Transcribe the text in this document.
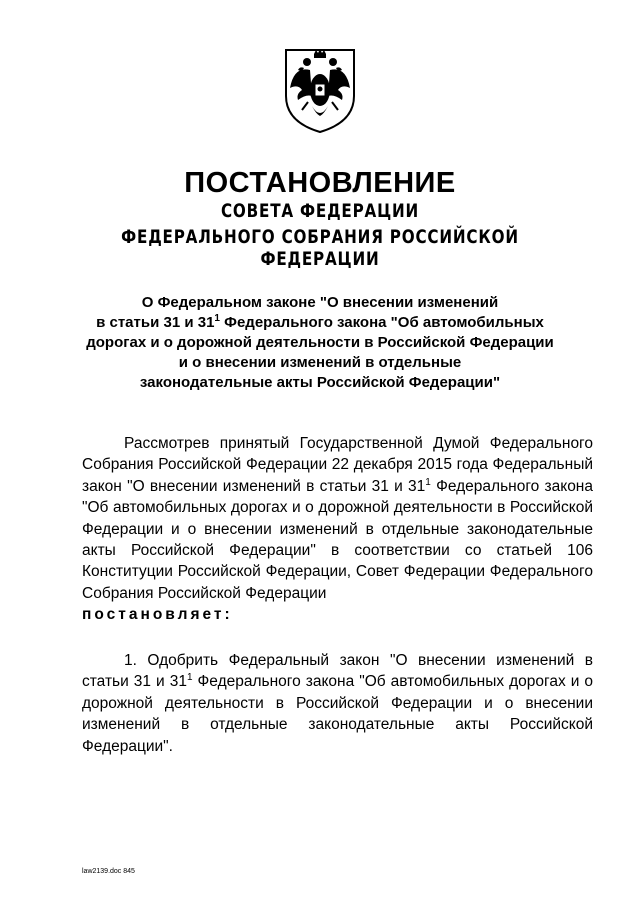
ПОСТАНОВЛЕНИЕ
СОВЕТА ФЕДЕРАЦИИ
ФЕДЕРАЛЬНОГО СОБРАНИЯ РОССИЙСКОЙ ФЕДЕРАЦИИ
О Федеральном законе "О внесении изменений
в статьи 31 и $31^1$ Федерального закона "Об автомобильных
дорогах и о дорожной деятельности в Российской Федерации
и о внесении изменений в отдельные
законодательные акты Российской Федерации"
Рассмотрев принятый Государственной Думой Федерального Собрания Российской Федерации 22 декабря 2015 года Федеральный закон "О внесении изменений в статьи 31 и $31^1$ Федерального закона "Об автомобильных дорогах и о дорожной деятельности в Российской Федерации и о внесении изменений в отдельные законодательные акты Российской Федерации" в соответствии со статьей 106 Конституции Российской Федерации, Совет Федерации Федерального Собрания Российской Федерации
постановляет:
1. Одобрить Федеральный закон "О внесении изменений в статьи 31 и $31^1$ Федерального закона "Об автомобильных дорогах и о дорожной деятельности в Российской Федерации и о внесении изменений в отдельные законодательные акты Российской Федерации".
law2139.doc 845
